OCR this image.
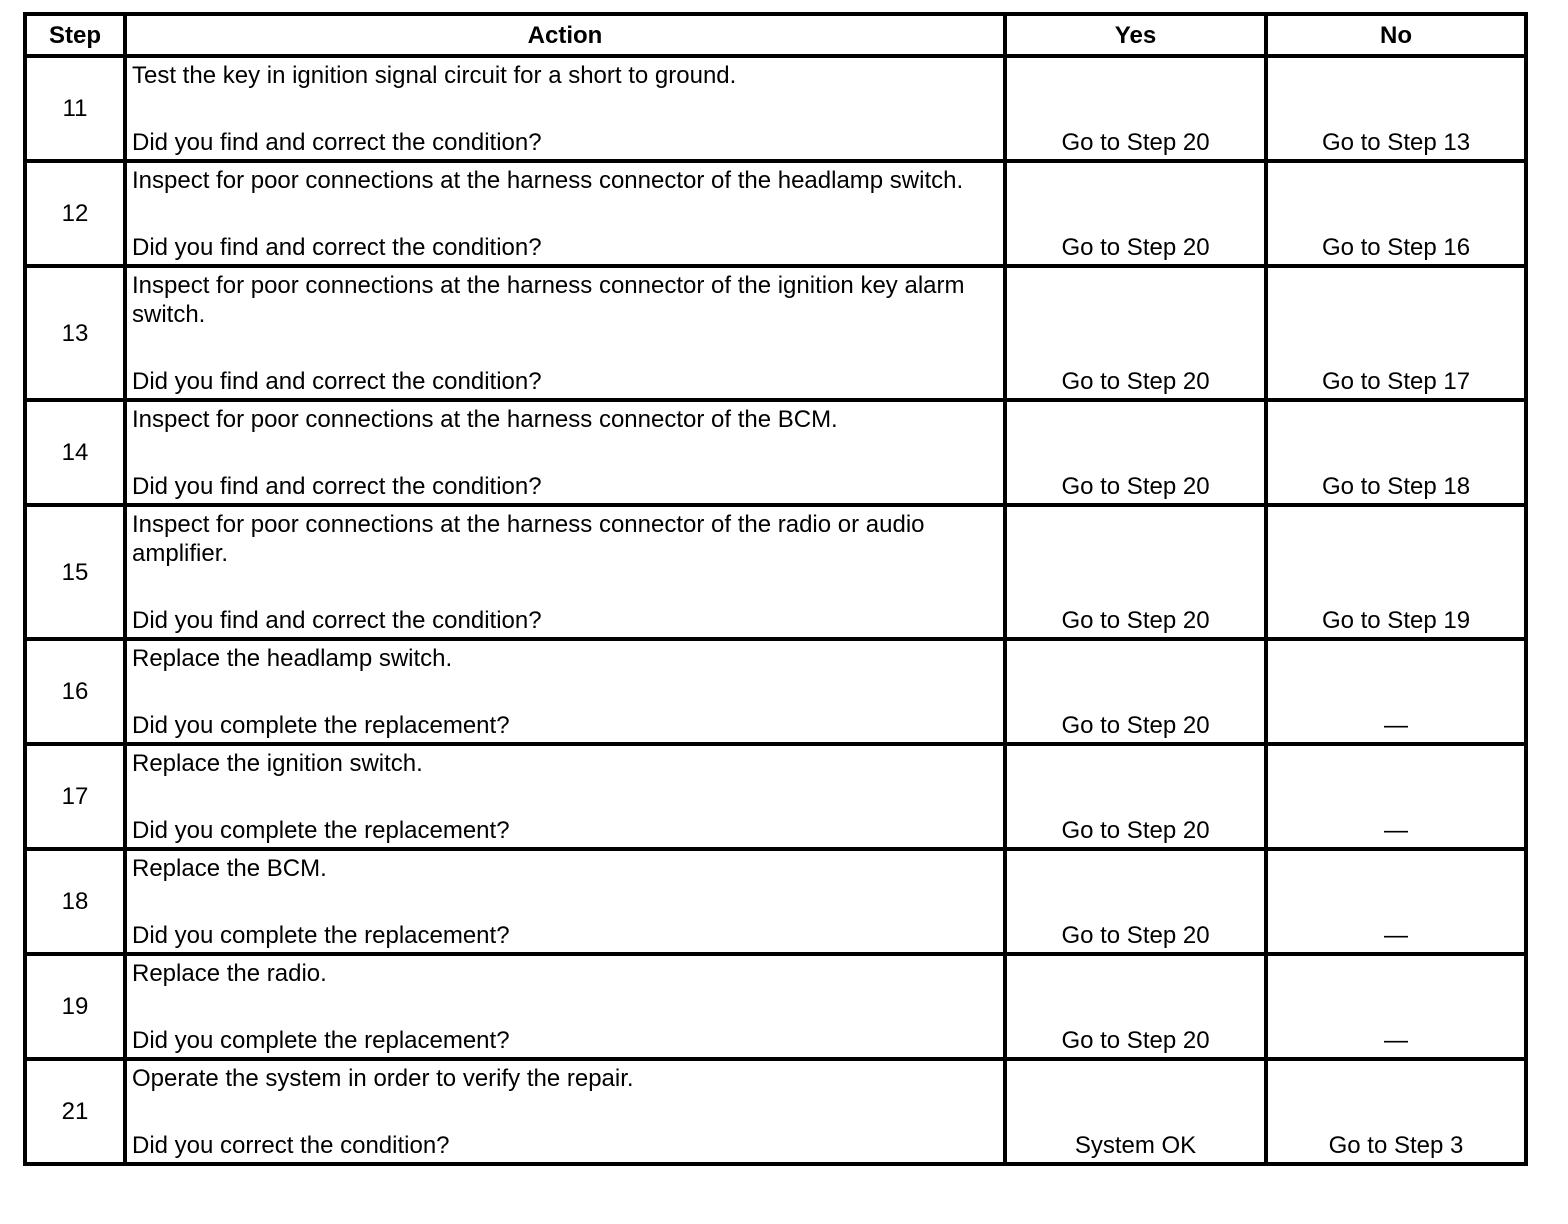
Step	Action	Yes	No
11	Test the key in ignition signal circuit for a short to ground.
Did you find and correct the condition?	Go to Step 20	Go to Step 13

12	Inspect for poor connections at the harness connector of the headlamp switch.
Did you find and correct the condition?	Go to Step 20	Go to Step 16

13	Inspect for poor connections at the harness connector of the ignition key alarm switch.
Did you find and correct the condition?	Go to Step 20	Go to Step 17

14	Inspect for poor connections at the harness connector of the BCM.
Did you find and correct the condition?	Go to Step 20	Go to Step 18

15	Inspect for poor connections at the harness connector of the radio or audio amplifier.
Did you find and correct the condition?	Go to Step 20	Go to Step 19

16	Replace the headlamp switch.
Did you complete the replacement?	Go to Step 20	—

17	Replace the ignition switch.
Did you complete the replacement?	Go to Step 20	—

18	Replace the BCM.
Did you complete the replacement?	Go to Step 20	—

19	Replace the radio.
Did you complete the replacement?	Go to Step 20	—

21	Operate the system in order to verify the repair.
Did you correct the condition?	System OK	Go to Step 3
